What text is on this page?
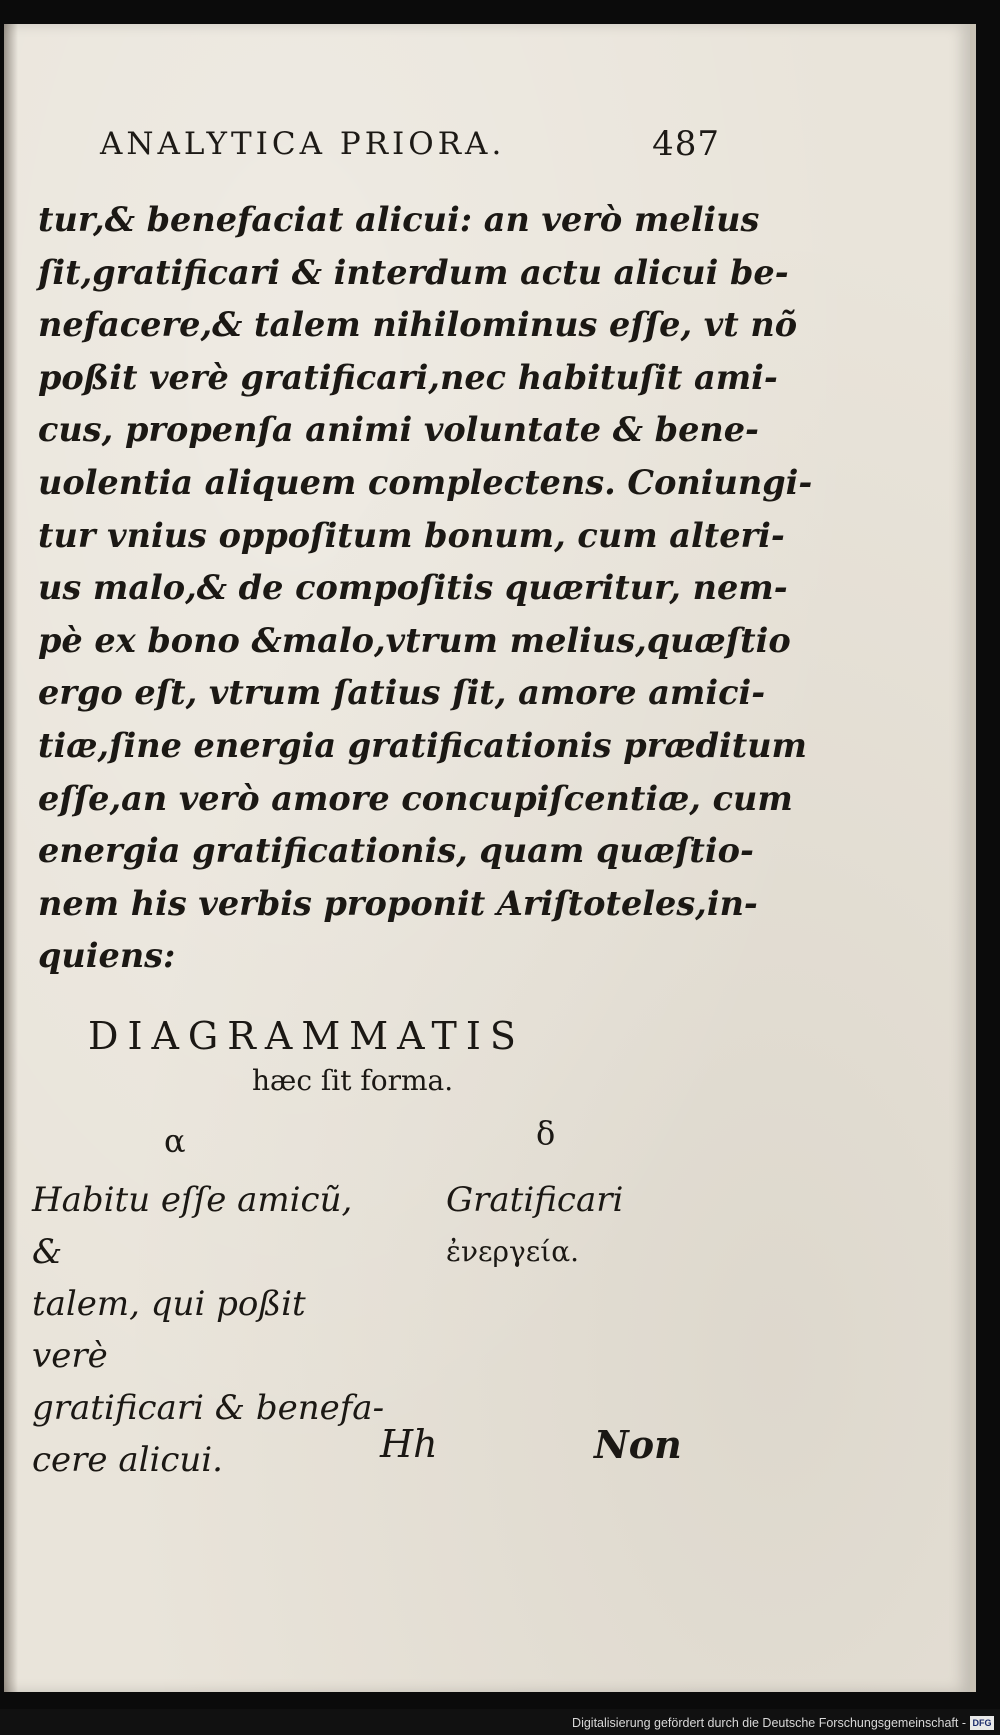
ANALYTICA PRIORA.	487
tur,& benefaciat alicui: an verò melius
ſit,gratificari & interdum actu alicui be-
nefacere,& talem nihilominus eſſe, vt nõ
poßit verè gratificari,nec habituſit ami-
cus, propenſa animi voluntate & bene-
uolentia aliquem complectens. Coniungi-
tur vnius oppoſitum bonum, cum alteri-
us malo,& de compoſitis quæritur, nem-
pè ex bono &malo,vtrum melius,quæſtio
ergo eſt, vtrum ſatius ſit, amore amici-
tiæ,ſine energia gratificationis præditum
eſſe,an verò amore concupiſcentiæ, cum
energia gratificationis, quam quæſtio-
nem his verbis proponit Ariſtoteles,in-
quiens:
DIAGRAMMATIS
hæc ſit forma.
α	δ
Habitu eſſe amicũ, &
talem, qui poßit verè
gratificari & benefa-
cere alicui.
Gratificari
ἐνεργεία.
Hh	Non
Digitalisierung gefördert durch die Deutsche Forschungsgemeinschaft - DFG
